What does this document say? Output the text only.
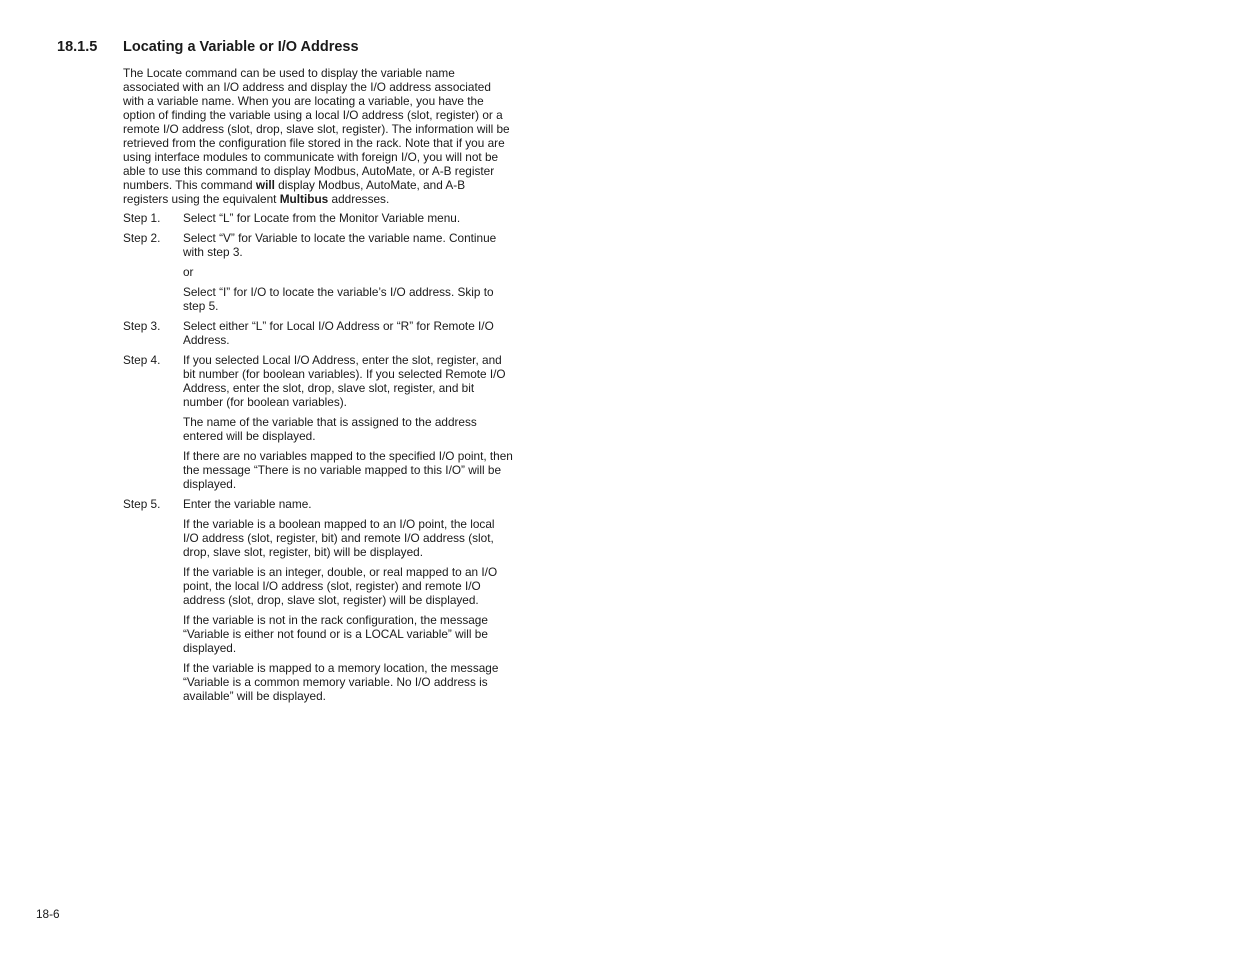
18.1.5 Locating a Variable or I/O Address

The Locate command can be used to display the variable name associated with an I/O address and display the I/O address associated with a variable name. When you are locating a variable, you have the option of finding the variable using a local I/O address (slot, register) or a remote I/O address (slot, drop, slave slot, register). The information will be retrieved from the configuration file stored in the rack. Note that if you are using interface modules to communicate with foreign I/O, you will not be able to use this command to display Modbus, AutoMate, or A-B register numbers. This command will display Modbus, AutoMate, and A-B registers using the equivalent Multibus addresses.

Step 1.	Select “L” for Locate from the Monitor Variable menu.
Step 2.	Select “V” for Variable to locate the variable name. Continue with step 3.

or

Select “I” for I/O to locate the variable’s I/O address. Skip to step 5.

Step 3.	Select either “L” for Local I/O Address or “R” for Remote I/O Address.
Step 4.	If you selected Local I/O Address, enter the slot, register, and bit number (for boolean variables). If you selected Remote I/O Address, enter the slot, drop, slave slot, register, and bit number (for boolean variables).

The name of the variable that is assigned to the address entered will be displayed.

If there are no variables mapped to the specified I/O point, then the message “There is no variable mapped to this I/O” will be displayed.

Step 5.	Enter the variable name.

If the variable is a boolean mapped to an I/O point, the local I/O address (slot, register, bit) and remote I/O address (slot, drop, slave slot, register, bit) will be displayed.

If the variable is an integer, double, or real mapped to an I/O point, the local I/O address (slot, register) and remote I/O address (slot, drop, slave slot, register) will be displayed.

If the variable is not in the rack configuration, the message “Variable is either not found or is a LOCAL variable” will be displayed.

If the variable is mapped to a memory location, the message “Variable is a common memory variable. No I/O address is available” will be displayed.

18-6
